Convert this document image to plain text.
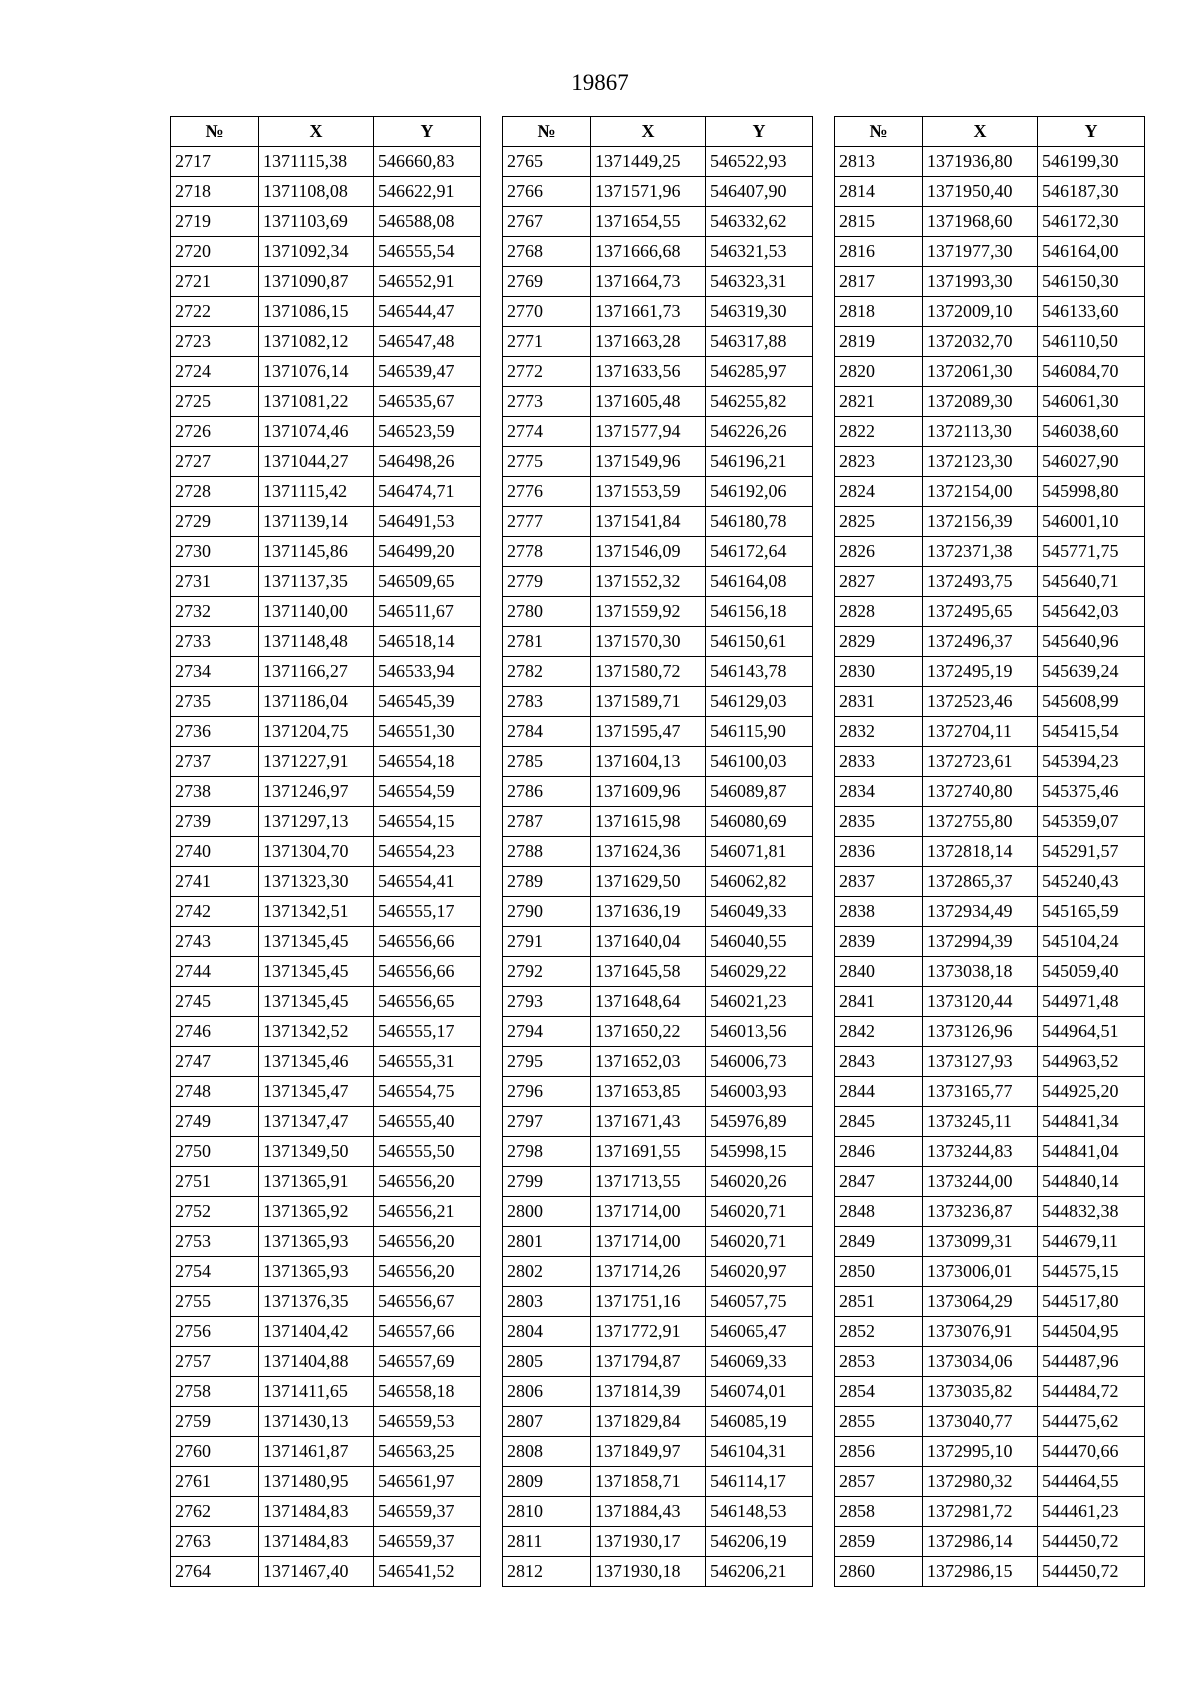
19867
№	X	Y
2717	1371115,38	546660,83
2718	1371108,08	546622,91
2719	1371103,69	546588,08
2720	1371092,34	546555,54
2721	1371090,87	546552,91
2722	1371086,15	546544,47
2723	1371082,12	546547,48
2724	1371076,14	546539,47
2725	1371081,22	546535,67
2726	1371074,46	546523,59
2727	1371044,27	546498,26
2728	1371115,42	546474,71
2729	1371139,14	546491,53
2730	1371145,86	546499,20
2731	1371137,35	546509,65
2732	1371140,00	546511,67
2733	1371148,48	546518,14
2734	1371166,27	546533,94
2735	1371186,04	546545,39
2736	1371204,75	546551,30
2737	1371227,91	546554,18
2738	1371246,97	546554,59
2739	1371297,13	546554,15
2740	1371304,70	546554,23
2741	1371323,30	546554,41
2742	1371342,51	546555,17
2743	1371345,45	546556,66
2744	1371345,45	546556,66
2745	1371345,45	546556,65
2746	1371342,52	546555,17
2747	1371345,46	546555,31
2748	1371345,47	546554,75
2749	1371347,47	546555,40
2750	1371349,50	546555,50
2751	1371365,91	546556,20
2752	1371365,92	546556,21
2753	1371365,93	546556,20
2754	1371365,93	546556,20
2755	1371376,35	546556,67
2756	1371404,42	546557,66
2757	1371404,88	546557,69
2758	1371411,65	546558,18
2759	1371430,13	546559,53
2760	1371461,87	546563,25
2761	1371480,95	546561,97
2762	1371484,83	546559,37
2763	1371484,83	546559,37
2764	1371467,40	546541,52
№	X	Y
2765	1371449,25	546522,93
2766	1371571,96	546407,90
2767	1371654,55	546332,62
2768	1371666,68	546321,53
2769	1371664,73	546323,31
2770	1371661,73	546319,30
2771	1371663,28	546317,88
2772	1371633,56	546285,97
2773	1371605,48	546255,82
2774	1371577,94	546226,26
2775	1371549,96	546196,21
2776	1371553,59	546192,06
2777	1371541,84	546180,78
2778	1371546,09	546172,64
2779	1371552,32	546164,08
2780	1371559,92	546156,18
2781	1371570,30	546150,61
2782	1371580,72	546143,78
2783	1371589,71	546129,03
2784	1371595,47	546115,90
2785	1371604,13	546100,03
2786	1371609,96	546089,87
2787	1371615,98	546080,69
2788	1371624,36	546071,81
2789	1371629,50	546062,82
2790	1371636,19	546049,33
2791	1371640,04	546040,55
2792	1371645,58	546029,22
2793	1371648,64	546021,23
2794	1371650,22	546013,56
2795	1371652,03	546006,73
2796	1371653,85	546003,93
2797	1371671,43	545976,89
2798	1371691,55	545998,15
2799	1371713,55	546020,26
2800	1371714,00	546020,71
2801	1371714,00	546020,71
2802	1371714,26	546020,97
2803	1371751,16	546057,75
2804	1371772,91	546065,47
2805	1371794,87	546069,33
2806	1371814,39	546074,01
2807	1371829,84	546085,19
2808	1371849,97	546104,31
2809	1371858,71	546114,17
2810	1371884,43	546148,53
2811	1371930,17	546206,19
2812	1371930,18	546206,21
№	X	Y
2813	1371936,80	546199,30
2814	1371950,40	546187,30
2815	1371968,60	546172,30
2816	1371977,30	546164,00
2817	1371993,30	546150,30
2818	1372009,10	546133,60
2819	1372032,70	546110,50
2820	1372061,30	546084,70
2821	1372089,30	546061,30
2822	1372113,30	546038,60
2823	1372123,30	546027,90
2824	1372154,00	545998,80
2825	1372156,39	546001,10
2826	1372371,38	545771,75
2827	1372493,75	545640,71
2828	1372495,65	545642,03
2829	1372496,37	545640,96
2830	1372495,19	545639,24
2831	1372523,46	545608,99
2832	1372704,11	545415,54
2833	1372723,61	545394,23
2834	1372740,80	545375,46
2835	1372755,80	545359,07
2836	1372818,14	545291,57
2837	1372865,37	545240,43
2838	1372934,49	545165,59
2839	1372994,39	545104,24
2840	1373038,18	545059,40
2841	1373120,44	544971,48
2842	1373126,96	544964,51
2843	1373127,93	544963,52
2844	1373165,77	544925,20
2845	1373245,11	544841,34
2846	1373244,83	544841,04
2847	1373244,00	544840,14
2848	1373236,87	544832,38
2849	1373099,31	544679,11
2850	1373006,01	544575,15
2851	1373064,29	544517,80
2852	1373076,91	544504,95
2853	1373034,06	544487,96
2854	1373035,82	544484,72
2855	1373040,77	544475,62
2856	1372995,10	544470,66
2857	1372980,32	544464,55
2858	1372981,72	544461,23
2859	1372986,14	544450,72
2860	1372986,15	544450,72
